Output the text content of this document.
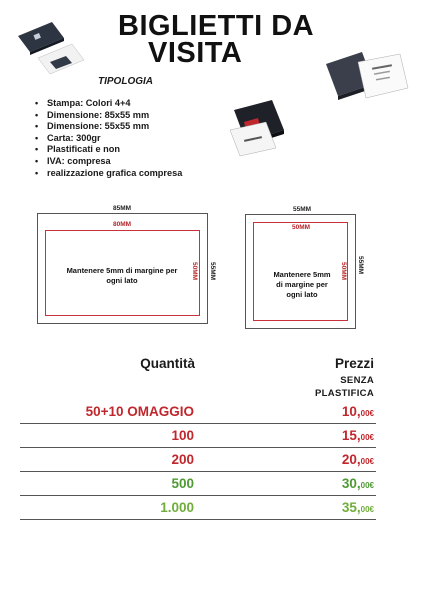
BIGLIETTI DA
VISITA
TIPOLOGIA
• Stampa: Colori 4+4
• Dimensione: 85x55 mm
• Dimensione: 55x55 mm
• Carta: 300gr
• Plastificati e non
• IVA: compresa
• realizzazione grafica compresa
85MM
80MM
50MM 55MM
Mantenere 5mm di margine per
ogni lato
55MM
50MM
50MM 55MM
Mantenere 5mm
di margine per
ogni lato
Quantità	Prezzi
SENZA
PLASTIFICA
50+10 OMAGGIO	10,00€
100	15,00€
200	20,00€
500	30,00€
1.000	35,00€
